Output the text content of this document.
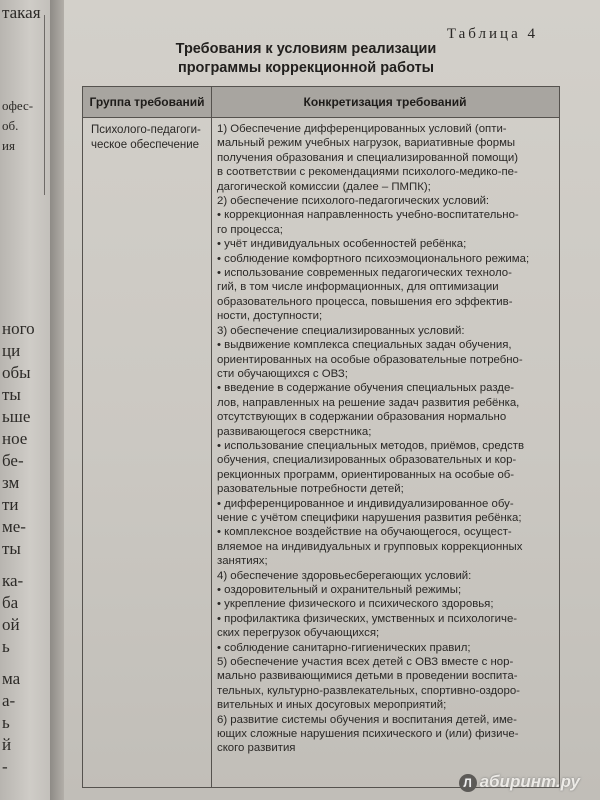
такая
офес-
об.
ия
ного
ци
обы
ты
ьше
ное
бе-
зм
ти
ме-
ты
ка-
ба
ой
ь
ма
а-
ь
й
-
Таблица 4
Требования к условиям реализации
программы коррекционной работы
Группа требований	Конкретизация требований
Психолого-педагоги-
ческое обеспечение
1) Обеспечение дифференцированных условий (опти-
мальный режим учебных нагрузок, вариативные формы
получения образования и специализированной помощи)
в соответствии с рекомендациями психолого-медико-пе-
дагогической комиссии (далее – ПМПК);
2) обеспечение психолого-педагогических условий:
• коррекционная направленность учебно-воспитательно-
го процесса;
• учёт индивидуальных особенностей ребёнка;
• соблюдение комфортного психоэмоционального режима;
• использование современных педагогических техноло-
гий, в том числе информационных, для оптимизации
образовательного процесса, повышения его эффектив-
ности, доступности;
3) обеспечение специализированных условий:
• выдвижение комплекса специальных задач обучения,
ориентированных на особые образовательные потребно-
сти обучающихся с ОВЗ;
• введение в содержание обучения специальных разде-
лов, направленных на решение задач развития ребёнка,
отсутствующих в содержании образования нормально
развивающегося сверстника;
• использование специальных методов, приёмов, средств
обучения, специализированных образовательных и кор-
рекционных программ, ориентированных на особые об-
разовательные потребности детей;
• дифференцированное и индивидуализированное обу-
чение с учётом специфики нарушения развития ребёнка;
• комплексное воздействие на обучающегося, осущест-
вляемое на индивидуальных и групповых коррекционных
занятиях;
4) обеспечение здоровьесберегающих условий:
• оздоровительный и охранительный режимы;
• укрепление физического и психического здоровья;
• профилактика физических, умственных и психологиче-
ских перегрузок обучающихся;
• соблюдение санитарно-гигиенических правил;
5) обеспечение участия всех детей с ОВЗ вместе с нор-
мально развивающимися детьми в проведении воспита-
тельных, культурно-развлекательных, спортивно-оздоро-
вительных и иных досуговых мероприятий;
6) развитие системы обучения и воспитания детей, име-
ющих сложные нарушения психического и (или) физиче-
ского развития
Л абиринт.ру
